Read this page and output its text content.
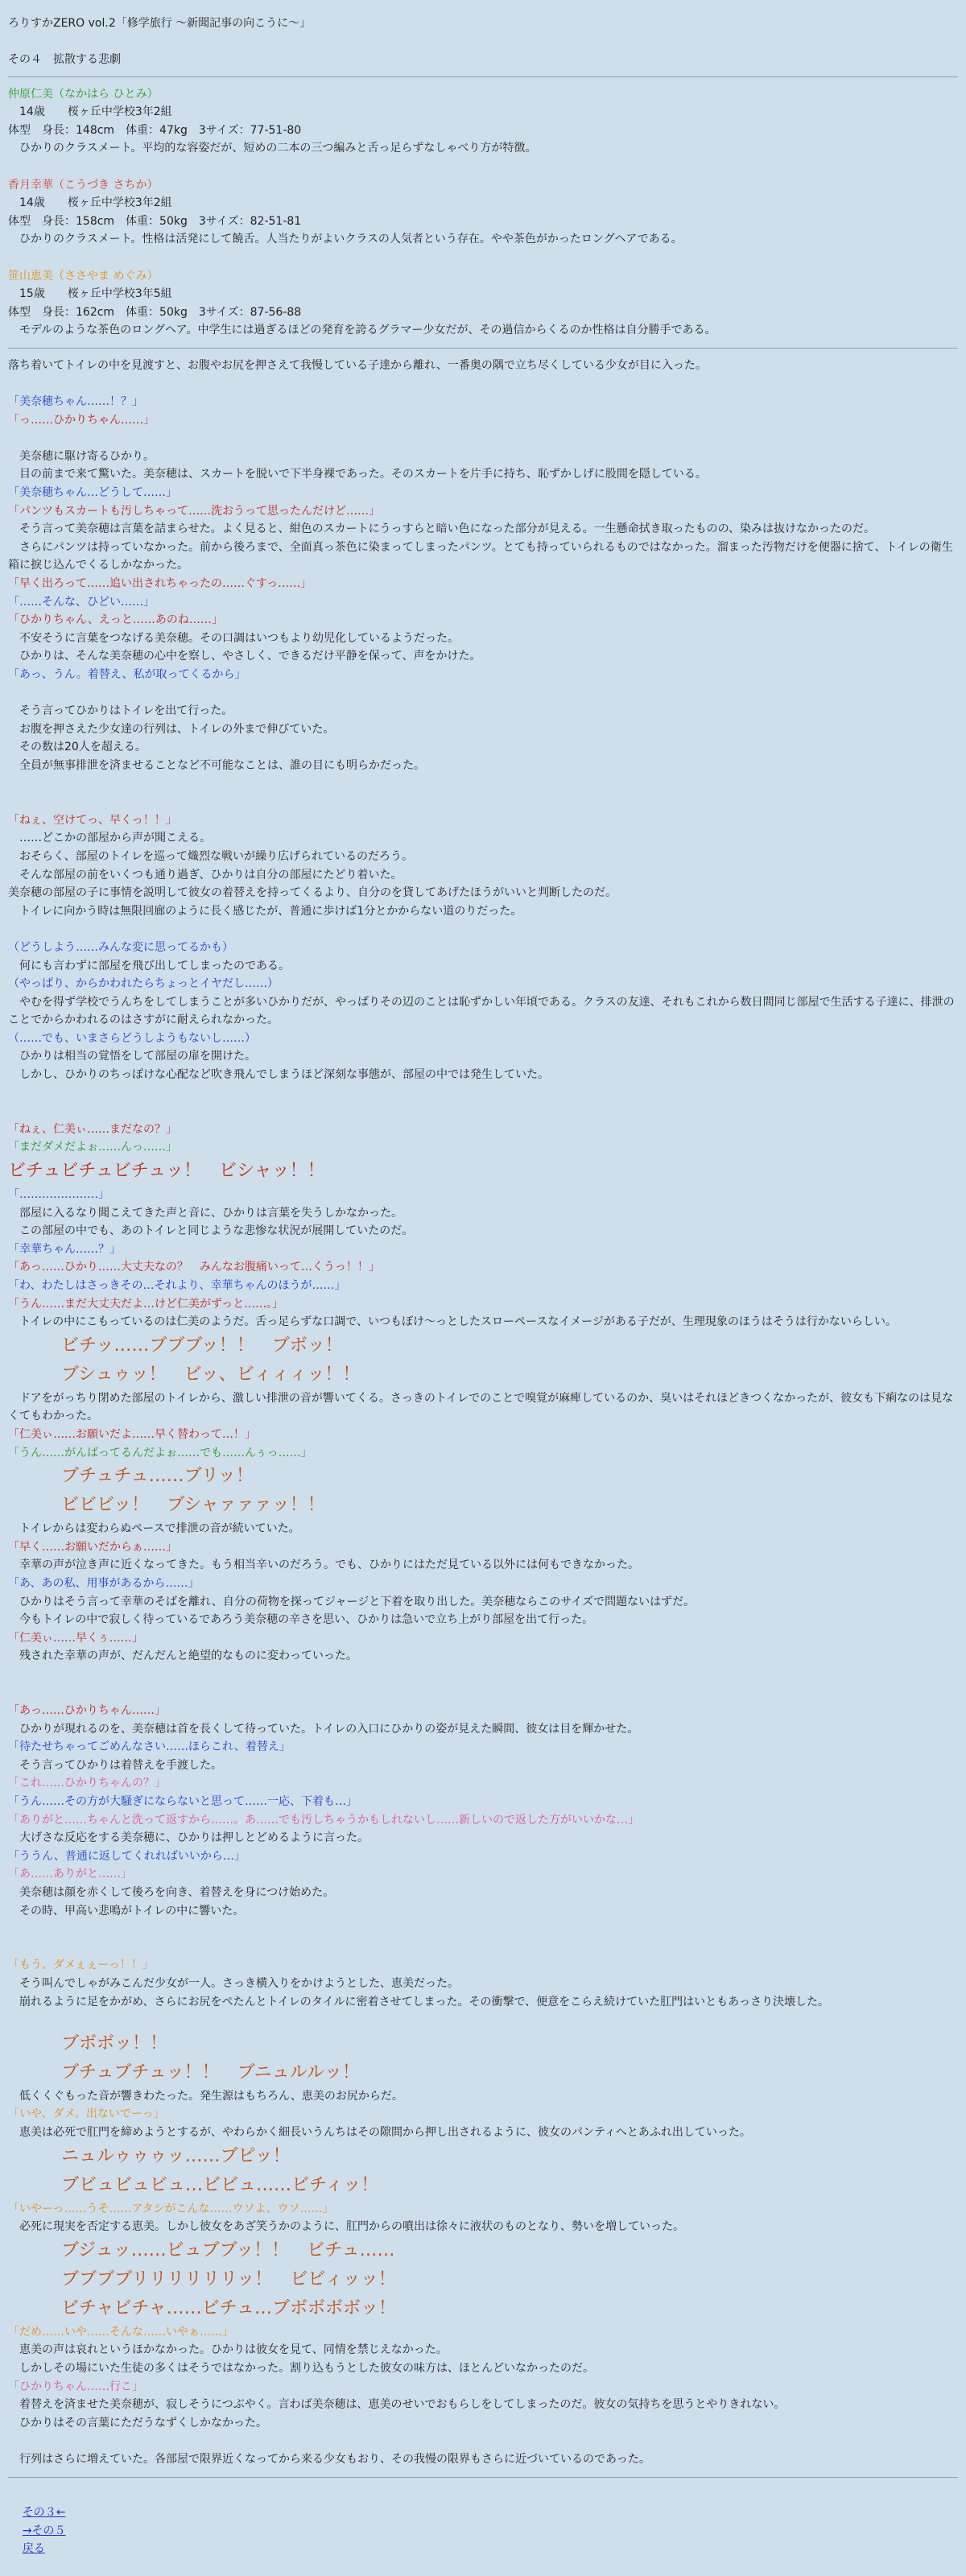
ろりすかZERO vol.2「修学旅行 ～新聞記事の向こうに～」
その４　拡散する悲劇
仲原仁美（なかはら ひとみ）
　14歳　　桜ヶ丘中学校3年2組
体型　身長：148cm　体重：47kg　3サイズ：77-51-80
　ひかりのクラスメート。平均的な容姿だが、短めの二本の三つ編みと舌っ足らずなしゃべり方が特徴。
香月幸華（こうづき さちか）
　14歳　　桜ヶ丘中学校3年2組
体型　身長：158cm　体重：50kg　3サイズ：82-51-81
　ひかりのクラスメート。性格は活発にして饒舌。人当たりがよいクラスの人気者という存在。やや茶色がかったロングヘアである。
笹山恵美（ささやま めぐみ）
　15歳　　桜ヶ丘中学校3年5組
体型　身長：162cm　体重：50kg　3サイズ：87-56-88
　モデルのような茶色のロングヘア。中学生には過ぎるほどの発育を誇るグラマー少女だが、その過信からくるのか性格は自分勝手である。
落ち着いてトイレの中を見渡すと、お腹やお尻を押さえて我慢している子達から離れ、一番奥の隅で立ち尽くしている少女が目に入った。
「美奈穂ちゃん……！？」
「っ……ひかりちゃん……」
　美奈穂に駆け寄るひかり。
　目の前まで来て驚いた。美奈穂は、スカートを脱いで下半身裸であった。そのスカートを片手に持ち、恥ずかしげに股間を隠している。
「美奈穂ちゃん…どうして……」
「パンツもスカートも汚しちゃって……洗おうって思ったんだけど……」
　そう言って美奈穂は言葉を詰まらせた。よく見ると、紺色のスカートにうっすらと暗い色になった部分が見える。一生懸命拭き取ったものの、染みは抜けなかったのだ。
　さらにパンツは持っていなかった。前から後ろまで、全面真っ茶色に染まってしまったパンツ。とても持っていられるものではなかった。溜まった汚物だけを便器に捨て、トイレの衛生箱に捩じ込んでくるしかなかった。
「早く出ろって……追い出されちゃったの……ぐすっ……」
「……そんな、ひどい……」
「ひかりちゃん、えっと……あのね……」
　不安そうに言葉をつなげる美奈穂。その口調はいつもより幼児化しているようだった。
　ひかりは、そんな美奈穂の心中を察し、やさしく、できるだけ平静を保って、声をかけた。
「あっ、うん。着替え、私が取ってくるから」
　そう言ってひかりはトイレを出て行った。
　お腹を押さえた少女達の行列は、トイレの外まで伸びていた。
　その数は20人を超える。
　全員が無事排泄を済ませることなど不可能なことは、誰の目にも明らかだった。
「ねぇ、空けてっ、早くっ！！」
　……どこかの部屋から声が聞こえる。
　おそらく、部屋のトイレを巡って熾烈な戦いが繰り広げられているのだろう。
　そんな部屋の前をいくつも通り過ぎ、ひかりは自分の部屋にたどり着いた。
美奈穂の部屋の子に事情を説明して彼女の着替えを持ってくるより、自分のを貸してあげたほうがいいと判断したのだ。
　トイレに向かう時は無限回廊のように長く感じたが、普通に歩けば1分とかからない道のりだった。
（どうしよう……みんな変に思ってるかも）
　何にも言わずに部屋を飛び出してしまったのである。
（やっぱり、からかわれたらちょっとイヤだし……）
　やむを得ず学校でうんちをしてしまうことが多いひかりだが、やっぱりその辺のことは恥ずかしい年頃である。クラスの友達、それもこれから数日間同じ部屋で生活する子達に、排泄のことでからかわれるのはさすがに耐えられなかった。
（……でも、いまさらどうしようもないし……）
　ひかりは相当の覚悟をして部屋の扉を開けた。
　しかし、ひかりのちっぽけな心配など吹き飛んでしまうほど深刻な事態が、部屋の中では発生していた。
「ねぇ、仁美ぃ……まだなの？」
「まだダメだよぉ……んっ……」
ビチュビチュビチュッ！　ビシャッ！！
「…………………」
　部屋に入るなり聞こえてきた声と音に、ひかりは言葉を失うしかなかった。
　この部屋の中でも、あのトイレと同じような悲惨な状況が展開していたのだ。
「幸華ちゃん……？」
「あっ……ひかり……大丈夫なの？　みんなお腹痛いって…くうっ！！」
「わ、わたしはさっきその…それより、幸華ちゃんのほうが……」
「うん……まだ大丈夫だよ…けど仁美がずっと……。」
　トイレの中にこもっているのは仁美のようだ。舌っ足らずな口調で、いつもぼけ～っとしたスローペースなイメージがある子だが、生理現象のほうはそうは行かないらしい。
　　　ビチッ……ブブブッ！！　ブボッ！
　　　ブシュゥッ！　ビッ、ビィィィッ！！
　ドアをがっちり閉めた部屋のトイレから、激しい排泄の音が響いてくる。さっきのトイレでのことで嗅覚が麻痺しているのか、臭いはそれほどきつくなかったが、彼女も下痢なのは見なくてもわかった。
「仁美ぃ……お願いだよ……早く替わって…！」
「うん……がんばってるんだよぉ……でも……んぅっ……」
　　　ブチュチュ……ブリッ！
　　　ビビビッ！　ブシャァァァッ！！
　トイレからは変わらぬペースで排泄の音が続いていた。
「早く……お願いだからぁ……」
　幸華の声が泣き声に近くなってきた。もう相当辛いのだろう。でも、ひかりにはただ見ている以外には何もできなかった。
「あ、あの私、用事があるから……」
　ひかりはそう言って幸華のそばを離れ、自分の荷物を探ってジャージと下着を取り出した。美奈穂ならこのサイズで問題ないはずだ。
　今もトイレの中で寂しく待っているであろう美奈穂の辛さを思い、ひかりは急いで立ち上がり部屋を出て行った。
「仁美ぃ……早くぅ……」
　残された幸華の声が、だんだんと絶望的なものに変わっていった。
「あっ……ひかりちゃん……」
　ひかりが現れるのを、美奈穂は首を長くして待っていた。トイレの入口にひかりの姿が見えた瞬間、彼女は目を輝かせた。
「待たせちゃってごめんなさい……ほらこれ、着替え」
　そう言ってひかりは着替えを手渡した。
「これ……ひかりちゃんの？」
「うん……その方が大騒ぎにならないと思って……一応、下着も…」
「ありがと……ちゃんと洗って返すから……。あ……でも汚しちゃうかもしれないし……新しいので返した方がいいかな…」
　大げさな反応をする美奈穂に、ひかりは押しとどめるように言った。
「ううん、普通に返してくれればいいから…」
「あ……ありがと……」
　美奈穂は顔を赤くして後ろを向き、着替えを身につけ始めた。
　その時、甲高い悲鳴がトイレの中に響いた。
「もう、ダメぇぇーっ！！」
　そう叫んでしゃがみこんだ少女が一人。さっき横入りをかけようとした、恵美だった。
　崩れるように足をかがめ、さらにお尻をぺたんとトイレのタイルに密着させてしまった。その衝撃で、便意をこらえ続けていた肛門はいともあっさり決壊した。
　　　ブボボッ！！
　　　ブチュブチュッ！！　ブニュルルッ！
　低くくぐもった音が響きわたった。発生源はもちろん、恵美のお尻からだ。
「いや、ダメ、出ないでーっ」
　恵美は必死で肛門を締めようとするが、やわらかく細長いうんちはその隙間から押し出されるように、彼女のパンティへとあふれ出していった。
　　　ニュルゥゥゥッ……ブピッ！
　　　ブビュビュビュ…ビビュ……ビチィッ！
「いやーっ……うそ……アタシがこんな……ウソよ、ウソ……」
　必死に現実を否定する恵美。しかし彼女をあざ笑うかのように、肛門からの噴出は徐々に液状のものとなり、勢いを増していった。
　　　ブジュッ……ビュブブッ！！　ビチュ……
　　　ブブブブリリリリリリッ！　ビビィッッ！
　　　ビチャビチャ……ビチュ…ブボボボボッ！
「だめ……いや……そんな……いやぁ……」
　恵美の声は哀れというほかなかった。ひかりは彼女を見て、同情を禁じえなかった。
　しかしその場にいた生徒の多くはそうではなかった。割り込もうとした彼女の味方は、ほとんどいなかったのだ。
「ひかりちゃん……行こ」
　着替えを済ませた美奈穂が、寂しそうにつぶやく。言わば美奈穂は、恵美のせいでおもらしをしてしまったのだ。彼女の気持ちを思うとやりきれない。
　ひかりはその言葉にただうなずくしかなかった。
　行列はさらに増えていた。各部屋で限界近くなってから来る少女もおり、その我慢の限界もさらに近づいているのであった。

その３←
→その５
戻る
